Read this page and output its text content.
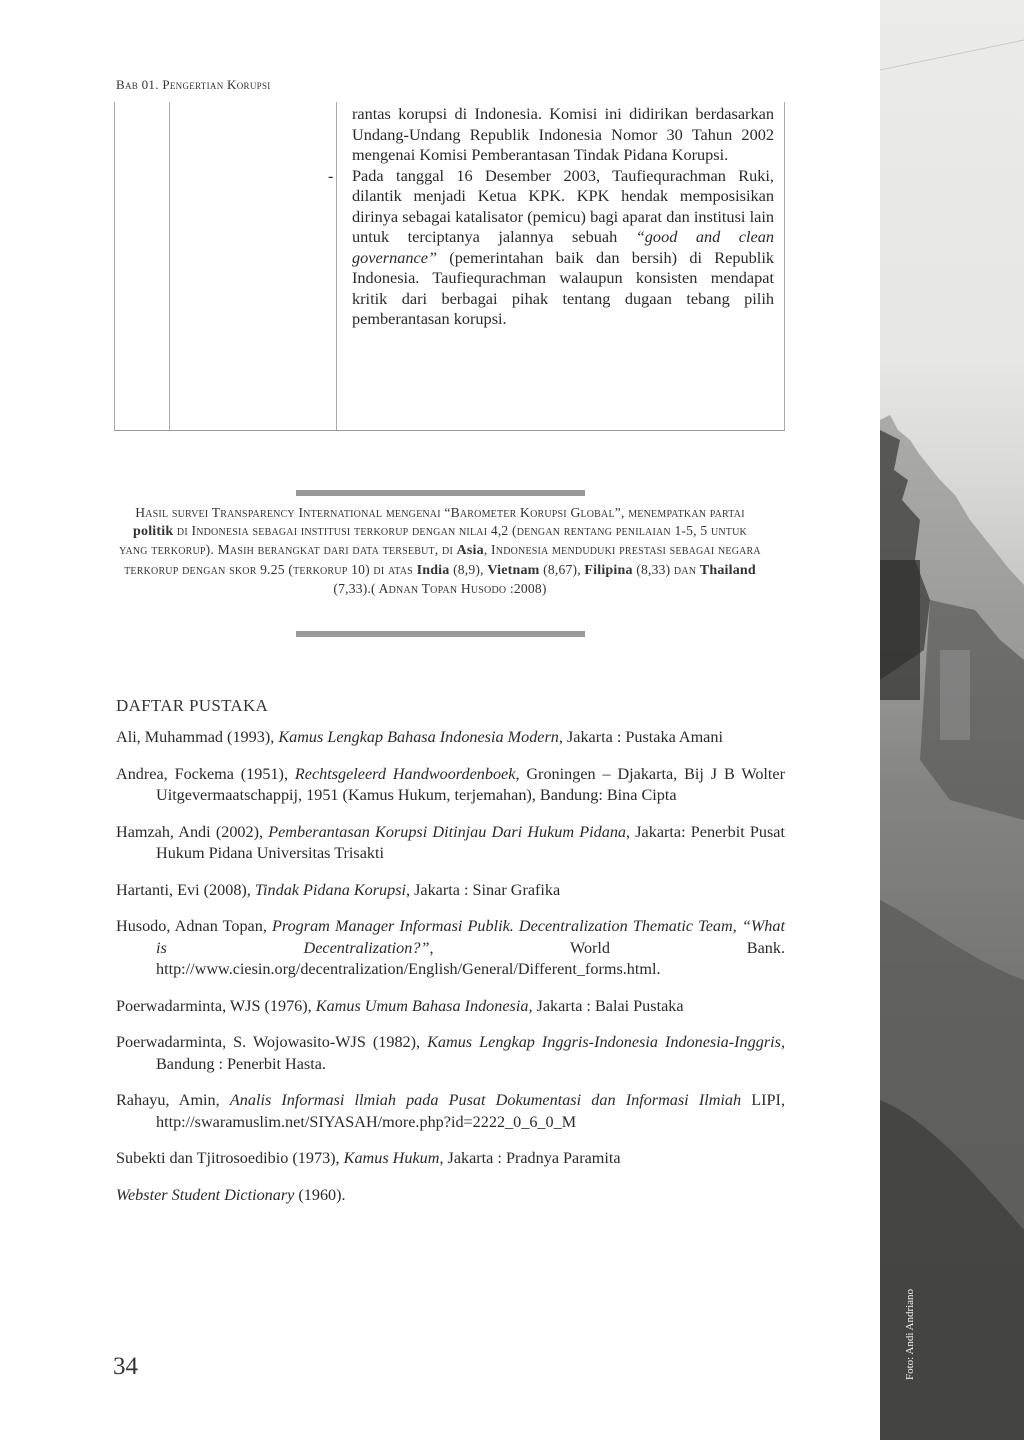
Bab 01. Pengertian Korupsi

rantas korupsi di Indonesia. Komisi ini didirikan berdasarkan Undang-Undang Republik Indonesia Nomor 30 Tahun 2002 mengenai Komisi Pemberantasan Tindak Pidana Korupsi.

- Pada tanggal 16 Desember 2003, Taufiequrachman Ruki, dilantik menjadi Ketua KPK. KPK hendak memposisikan dirinya sebagai katalisator (pemicu) bagi aparat dan institusi lain untuk terciptanya jalannya sebuah “good and clean governance” (pemerintahan baik dan bersih) di Republik Indonesia. Taufiequrachman walaupun konsisten mendapat kritik dari berbagai pihak tentang dugaan tebang pilih pemberantasan korupsi.

Hasil survei Transparency International mengenai “Barometer Korupsi Global”, menempatkan partai politik di Indonesia sebagai institusi terkorup dengan nilai 4,2 (dengan rentang penilaian 1-5, 5 untuk yang terkorup). Masih berangkat dari data tersebut, di Asia, Indonesia menduduki prestasi sebagai negara terkorup dengan skor 9.25 (terkorup 10) di atas India (8,9), Vietnam (8,67), Filipina (8,33) dan Thailand (7,33).( Adnan Topan Husodo :2008)
DAFTAR PUSTAKA

Ali, Muhammad (1993), Kamus Lengkap Bahasa Indonesia Modern, Jakarta : Pustaka Amani

Andrea, Fockema (1951), Rechtsgeleerd Handwoordenboek, Groningen – Djakarta, Bij J B Wolter Uitgevermaatschappij, 1951 (Kamus Hukum, terjemahan), Bandung: Bina Cipta

Hamzah, Andi (2002), Pemberantasan Korupsi Ditinjau Dari Hukum Pidana, Jakarta: Penerbit Pusat Hukum Pidana Universitas Trisakti

Hartanti, Evi (2008), Tindak Pidana Korupsi, Jakarta : Sinar Grafika

Husodo, Adnan Topan, Program Manager Informasi Publik. Decentralization Thematic Team, “What is Decentralization?”, World Bank. http://www.ciesin.org/decentralization/English/General/Different_forms.html.

Poerwadarminta, WJS (1976), Kamus Umum Bahasa Indonesia, Jakarta : Balai Pustaka

Poerwadarminta, S. Wojowasito-WJS (1982), Kamus Lengkap Inggris-Indonesia Indonesia-Inggris, Bandung : Penerbit Hasta.

Rahayu, Amin, Analis Informasi llmiah pada Pusat Dokumentasi dan Informasi Ilmiah LIPI, http://swaramuslim.net/SIYASAH/more.php?id=2222_0_6_0_M

Subekti dan Tjitrosoedibio (1973), Kamus Hukum, Jakarta : Pradnya Paramita

Webster Student Dictionary (1960).

34	Foto: Andi Andriano
